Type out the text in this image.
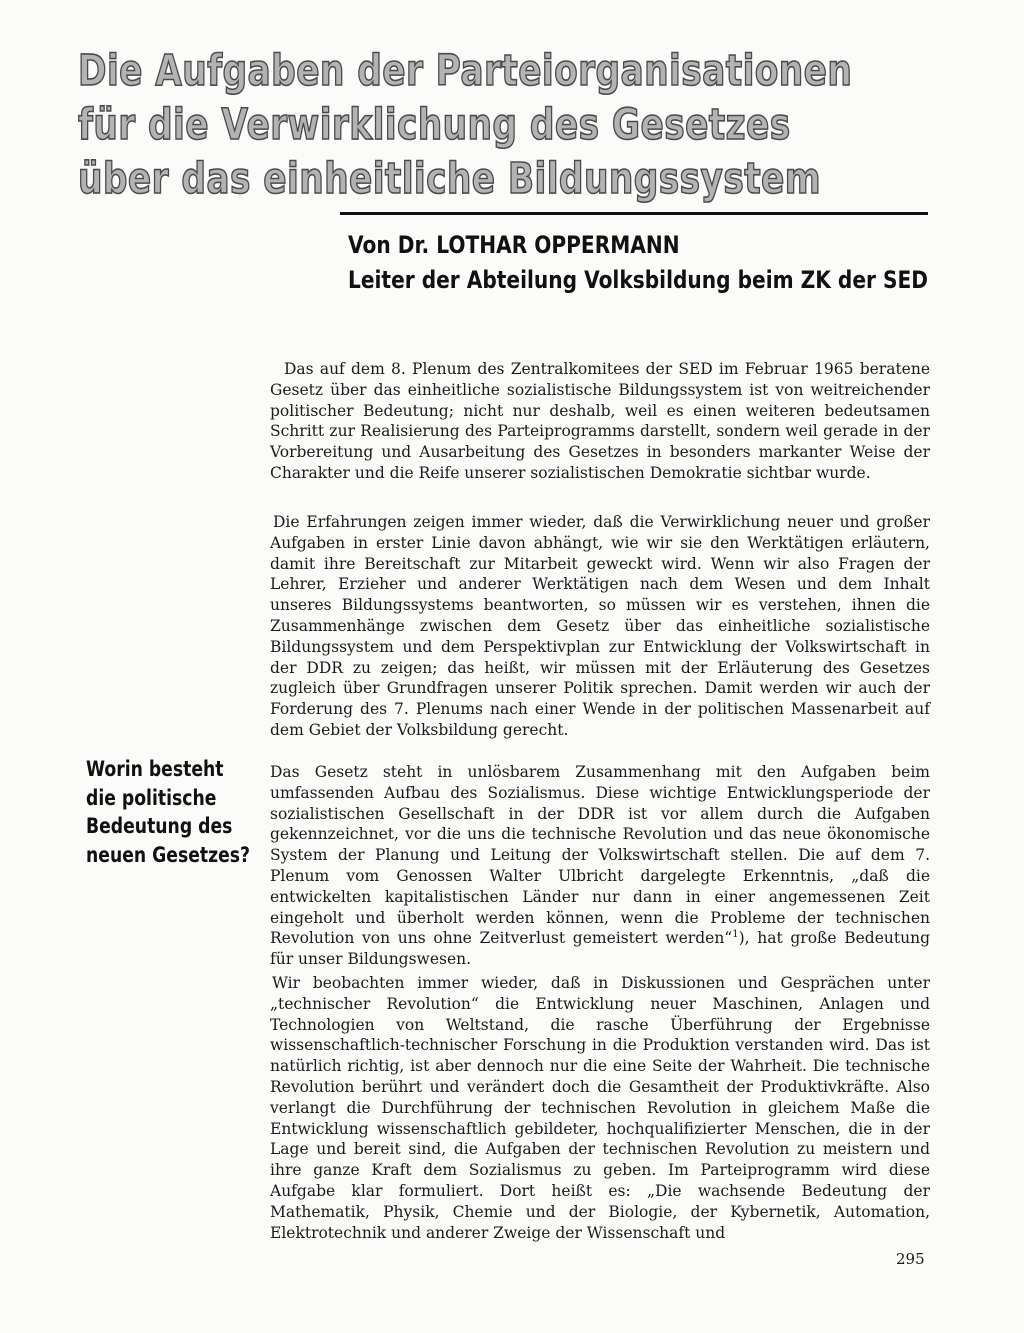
Die Aufgaben der Parteiorganisationen
für die Verwirklichung des Gesetzes
über das einheitliche Bildungssystem
Von Dr. LOTHAR OPPERMANN
Leiter der Abteilung Volksbildung beim ZK der SED
Worin besteht
die politische
Bedeutung des
neuen Gesetzes?

Das auf dem 8. Plenum des Zentralkomitees der SED im Februar 1965 beratene Gesetz über das einheitliche sozialistische Bildungssystem ist von weitreichender politischer Bedeutung; nicht nur deshalb, weil es einen weiteren bedeutsamen Schritt zur Realisierung des Parteiprogramms darstellt, sondern weil gerade in der Vorbereitung und Ausarbeitung des Gesetzes in besonders markanter Weise der Charakter und die Reife unserer sozialistischen Demokratie sichtbar wurde.

Die Erfahrungen zeigen immer wieder, daß die Verwirklichung neuer und großer Aufgaben in erster Linie davon abhängt, wie wir sie den Werktätigen erläutern, damit ihre Bereitschaft zur Mitarbeit geweckt wird. Wenn wir also Fragen der Lehrer, Erzieher und anderer Werktätigen nach dem Wesen und dem Inhalt unseres Bildungssystems beantworten, so müssen wir es verstehen, ihnen die Zusammenhänge zwischen dem Gesetz über das einheitliche sozialistische Bildungssystem und dem Perspektivplan zur Entwicklung der Volkswirtschaft in der DDR zu zeigen; das heißt, wir müssen mit der Erläuterung des Gesetzes zugleich über Grundfragen unserer Politik sprechen. Damit werden wir auch der Forderung des 7. Plenums nach einer Wende in der politischen Massenarbeit auf dem Gebiet der Volksbildung gerecht.

Das Gesetz steht in unlösbarem Zusammenhang mit den Aufgaben beim umfassenden Aufbau des Sozialismus. Diese wichtige Entwicklungsperiode der sozialistischen Gesellschaft in der DDR ist vor allem durch die Aufgaben gekennzeichnet, vor die uns die technische Revolution und das neue ökonomische System der Planung und Leitung der Volkswirtschaft stellen. Die auf dem 7. Plenum vom Genossen Walter Ulbricht dargelegte Erkenntnis, „daß die entwickelten kapitalistischen Länder nur dann in einer angemessenen Zeit eingeholt und überholt werden können, wenn die Probleme der technischen Revolution von uns ohne Zeitverlust gemeistert werden“$^1$), hat große Bedeutung für unser Bildungswesen.

Wir beobachten immer wieder, daß in Diskussionen und Gesprächen unter „technischer Revolution“ die Entwicklung neuer Maschinen, Anlagen und Technologien von Weltstand, die rasche Überführung der Ergebnisse wissenschaftlich-technischer Forschung in die Produktion verstanden wird. Das ist natürlich richtig, ist aber dennoch nur die eine Seite der Wahrheit. Die technische Revolution berührt und verändert doch die Gesamtheit der Produktivkräfte. Also verlangt die Durchführung der technischen Revolution in gleichem Maße die Entwicklung wissenschaftlich gebildeter, hochqualifizierter Menschen, die in der Lage und bereit sind, die Aufgaben der technischen Revolution zu meistern und ihre ganze Kraft dem Sozialismus zu geben. Im Parteiprogramm wird diese Aufgabe klar formuliert. Dort heißt es: „Die wachsende Bedeutung der Mathematik, Physik, Chemie und der Biologie, der Kybernetik, Automation, Elektrotechnik und anderer Zweige der Wissenschaft und

295
